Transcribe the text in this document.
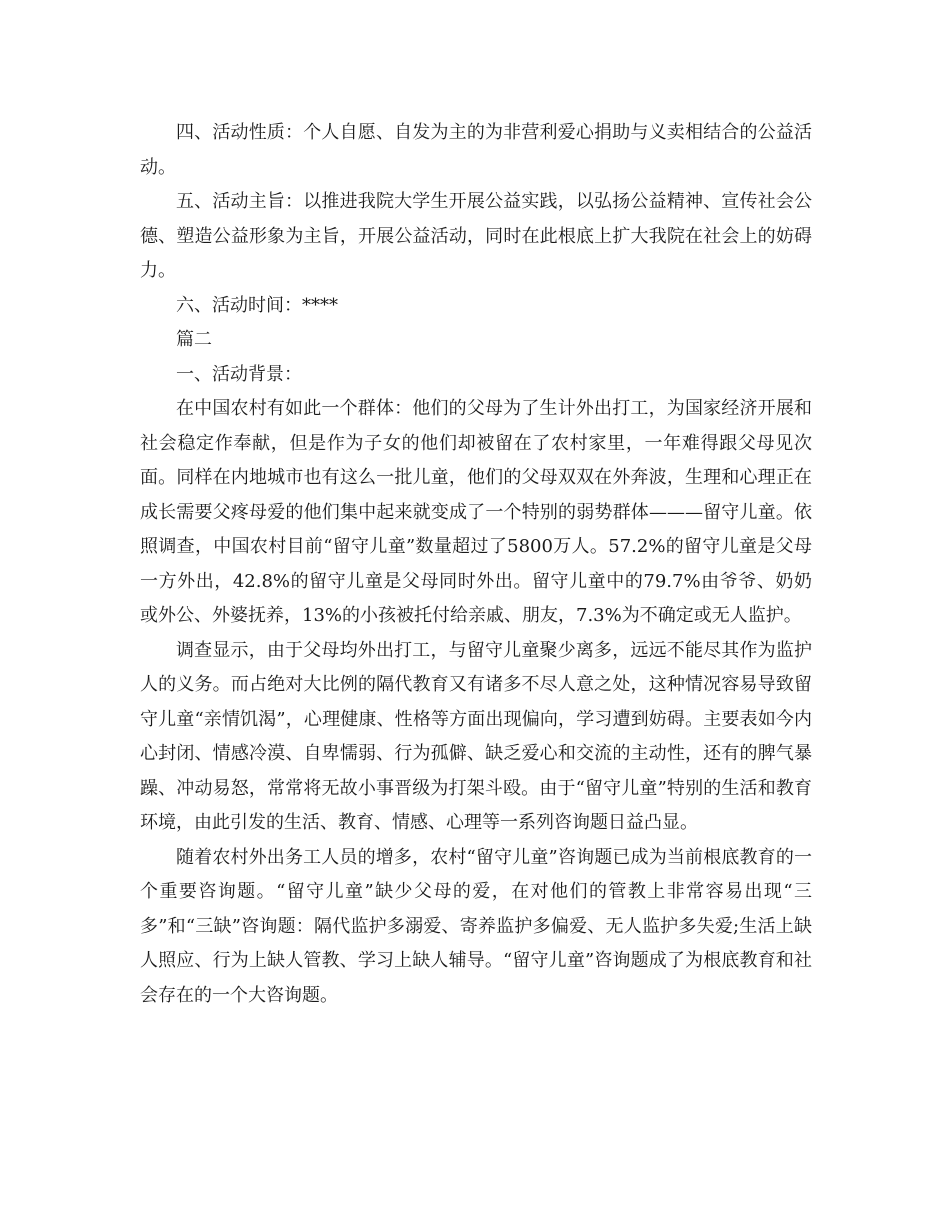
四、活动性质：个人自愿、自发为主的为非营利爱心捐助与义卖相结合的公益活动。

五、活动主旨：以推进我院大学生开展公益实践，以弘扬公益精神、宣传社会公德、塑造公益形象为主旨，开展公益活动，同时在此根底上扩大我院在社会上的妨碍力。

六、活动时间：****

篇二

一、活动背景：

在中国农村有如此一个群体：他们的父母为了生计外出打工，为国家经济开展和社会稳定作奉献，但是作为子女的他们却被留在了农村家里，一年难得跟父母见次面。同样在内地城市也有这么一批儿童，他们的父母双双在外奔波，生理和心理正在成长需要父疼母爱的他们集中起来就变成了一个特别的弱势群体———留守儿童。依照调查，中国农村目前“留守儿童”数量超过了5800万人。57.2%的留守儿童是父母一方外出，42.8%的留守儿童是父母同时外出。留守儿童中的79.7%由爷爷、奶奶或外公、外婆抚养，13%的小孩被托付给亲戚、朋友，7.3%为不确定或无人监护。

调查显示，由于父母均外出打工，与留守儿童聚少离多，远远不能尽其作为监护人的义务。而占绝对大比例的隔代教育又有诸多不尽人意之处，这种情况容易导致留守儿童“亲情饥渴”，心理健康、性格等方面出现偏向，学习遭到妨碍。主要表如今内心封闭、情感冷漠、自卑懦弱、行为孤僻、缺乏爱心和交流的主动性，还有的脾气暴躁、冲动易怒，常常将无故小事晋级为打架斗殴。由于“留守儿童”特别的生活和教育环境，由此引发的生活、教育、情感、心理等一系列咨询题日益凸显。

随着农村外出务工人员的增多，农村“留守儿童”咨询题已成为当前根底教育的一个重要咨询题。“留守儿童”缺少父母的爱，在对他们的管教上非常容易出现“三多”和“三缺”咨询题：隔代监护多溺爱、寄养监护多偏爱、无人监护多失爱;生活上缺人照应、行为上缺人管教、学习上缺人辅导。“留守儿童”咨询题成了为根底教育和社会存在的一个大咨询题。
